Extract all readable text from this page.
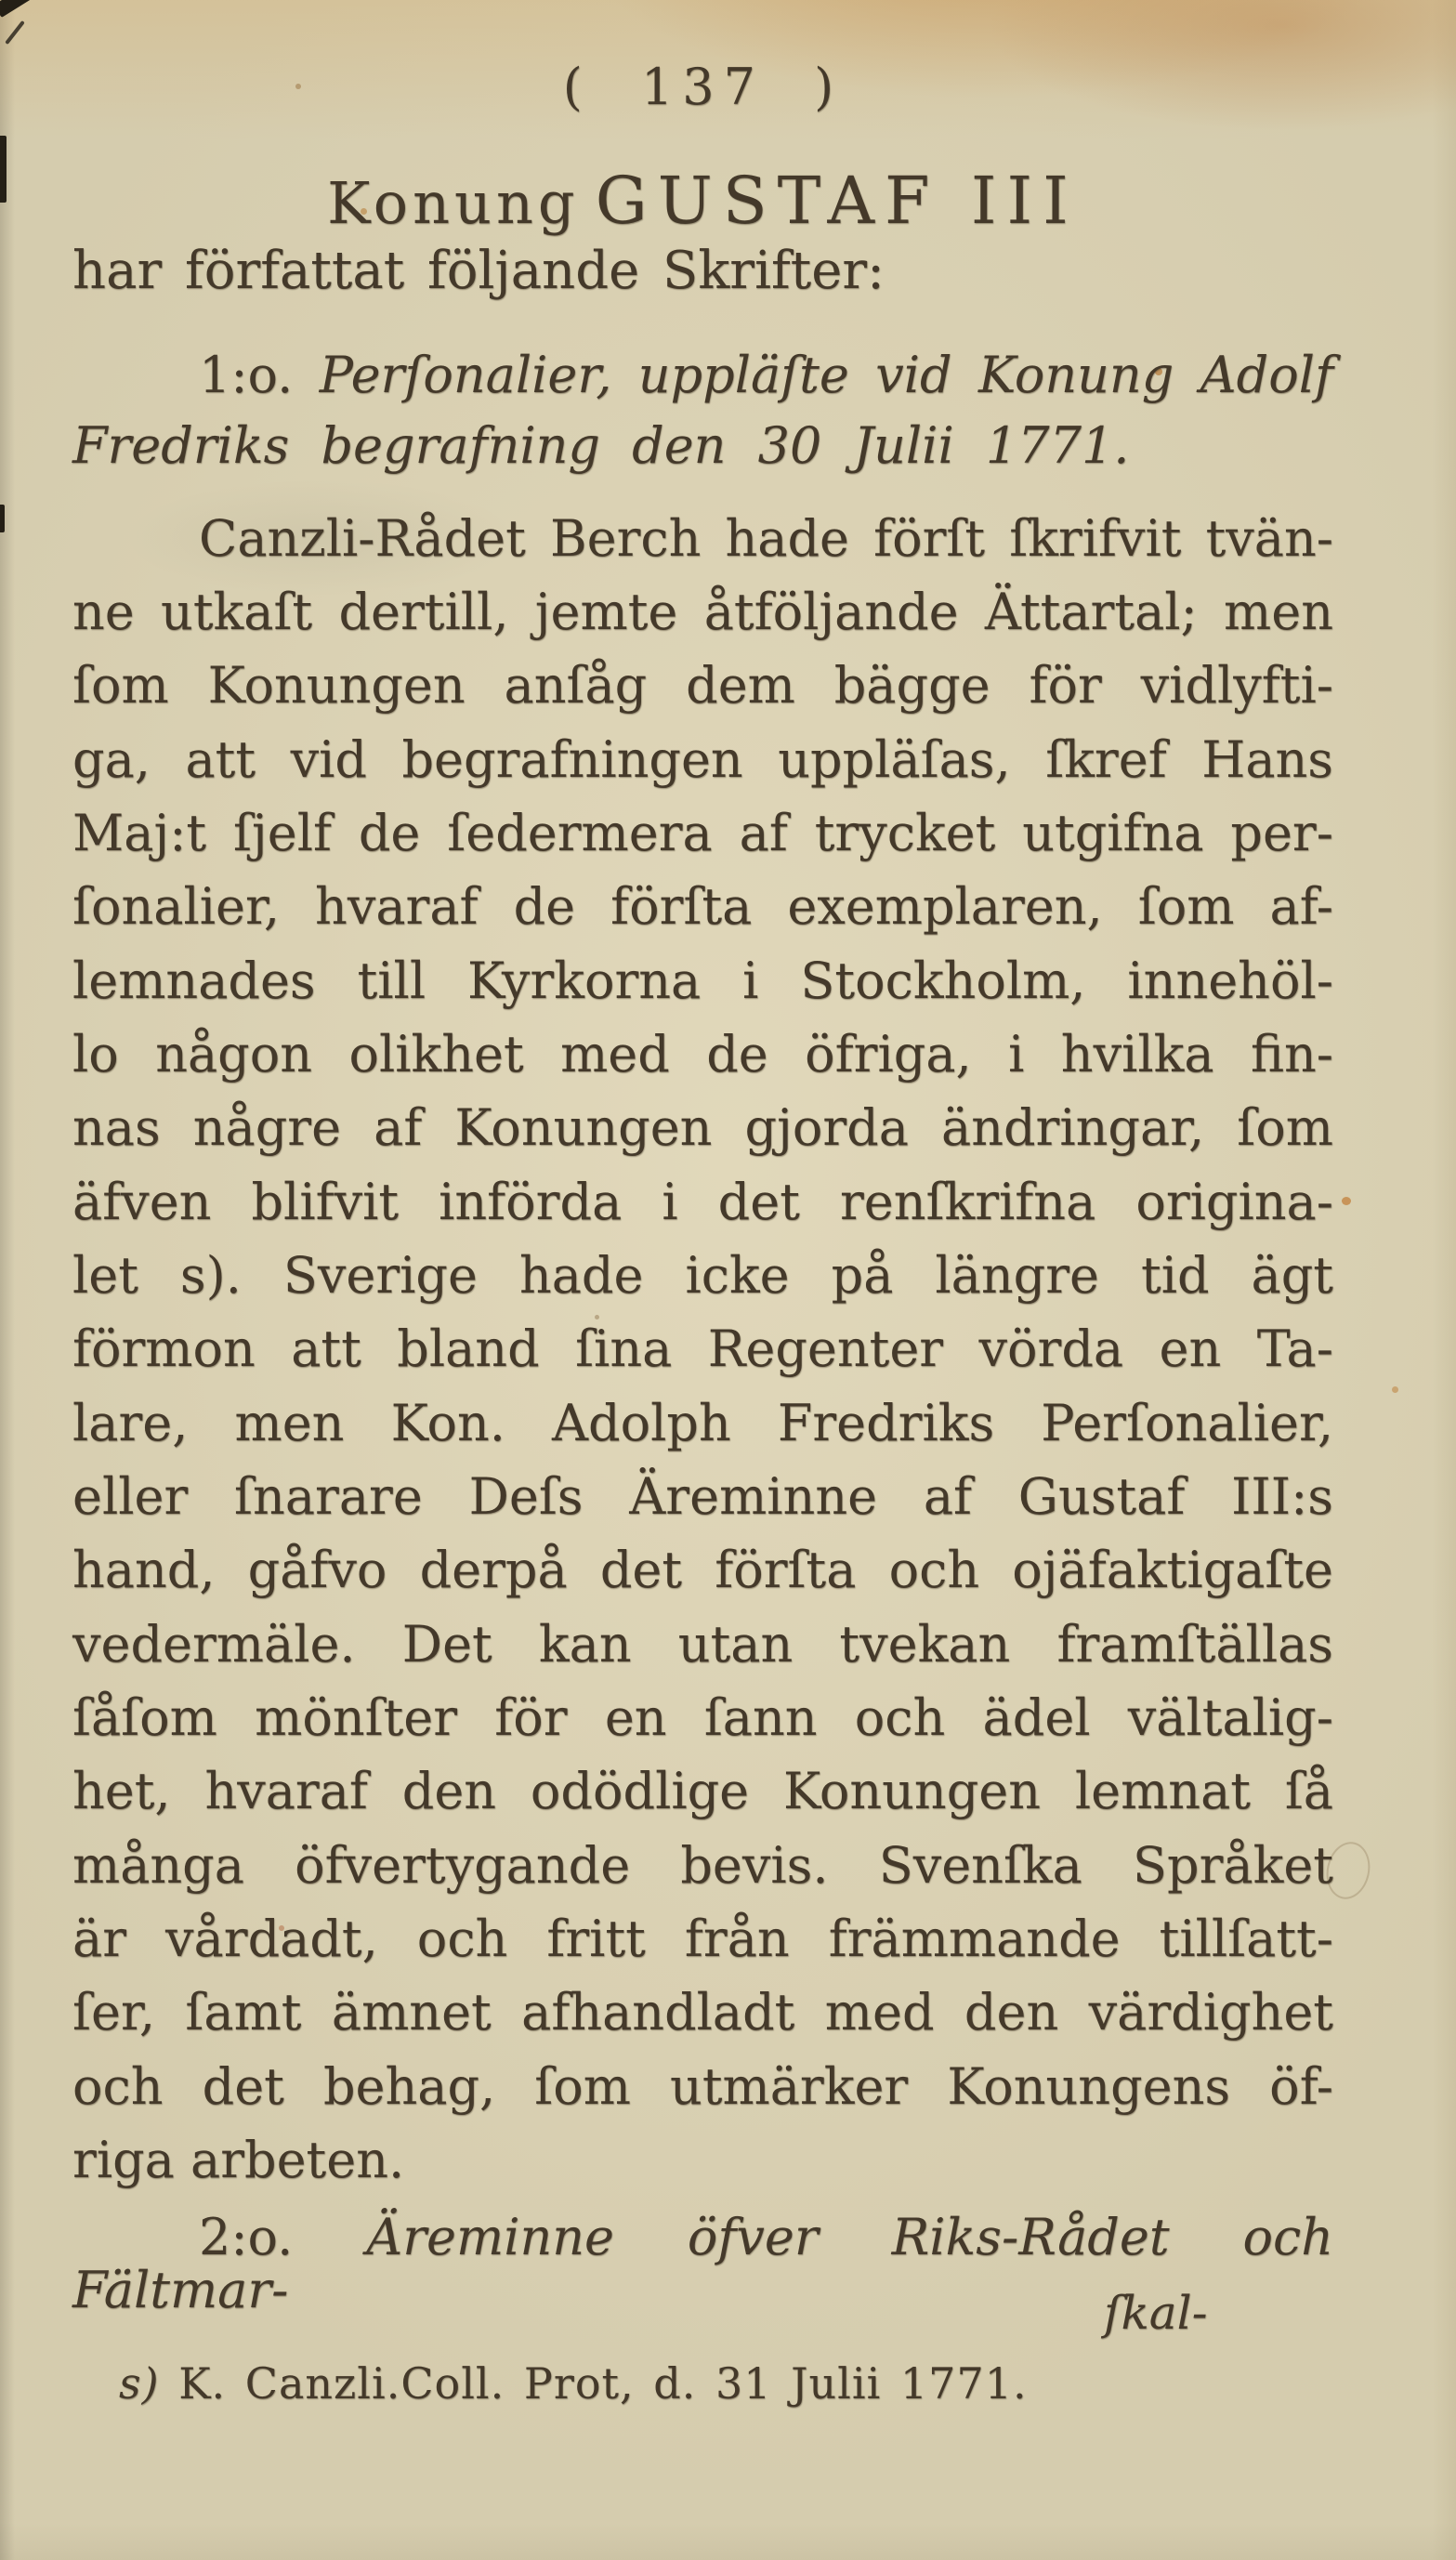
( 137 )
Konung GUSTAF III
har författat följande Skrifter:
1:o. Perſonalier, uppläſte vid Konung Adolf
Fredriks begrafning den 30 Julii 1771.
Canzli-Rådet Berch hade förſt ſkrifvit tvän-
ne utkaſt dertill, jemte åtföljande Ättartal; men
ſom Konungen anſåg dem bägge för vidlyfti-
ga, att vid begrafningen uppläſas, ſkref Hans
Maj:t ſjelf de ſedermera af trycket utgifna per-
ſonalier, hvaraf de förſta exemplaren, ſom af-
lemnades till Kyrkorna i Stockholm, innehöl-
lo någon olikhet med de öfriga, i hvilka fin-
nas någre af Konungen gjorda ändringar, ſom
äfven blifvit införda i det renſkrifna origina-
let s). Sverige hade icke på längre tid ägt
förmon att bland ſina Regenter vörda en Ta-
lare, men Kon. Adolph Fredriks Perſonalier,
eller ſnarare Deſs Äreminne af Gustaf III:s
hand, gåfvo derpå det förſta och ojäfaktigaſte
vedermäle. Det kan utan tvekan framſtällas
ſåſom mönſter för en ſann och ädel vältalig-
het, hvaraf den odödlige Konungen lemnat ſå
många öfvertygande bevis. Svenſka Språket
är vårdadt, och fritt från främmande tillſatt-
ſer, ſamt ämnet afhandladt med den värdighet
och det behag, ſom utmärker Konungens öf-
riga arbeten.
2:o. Äreminne öfver Riks-Rådet och Fältmar-	ſkal-
s) K. Canzli.Coll. Prot, d. 31 Julii 1771.
